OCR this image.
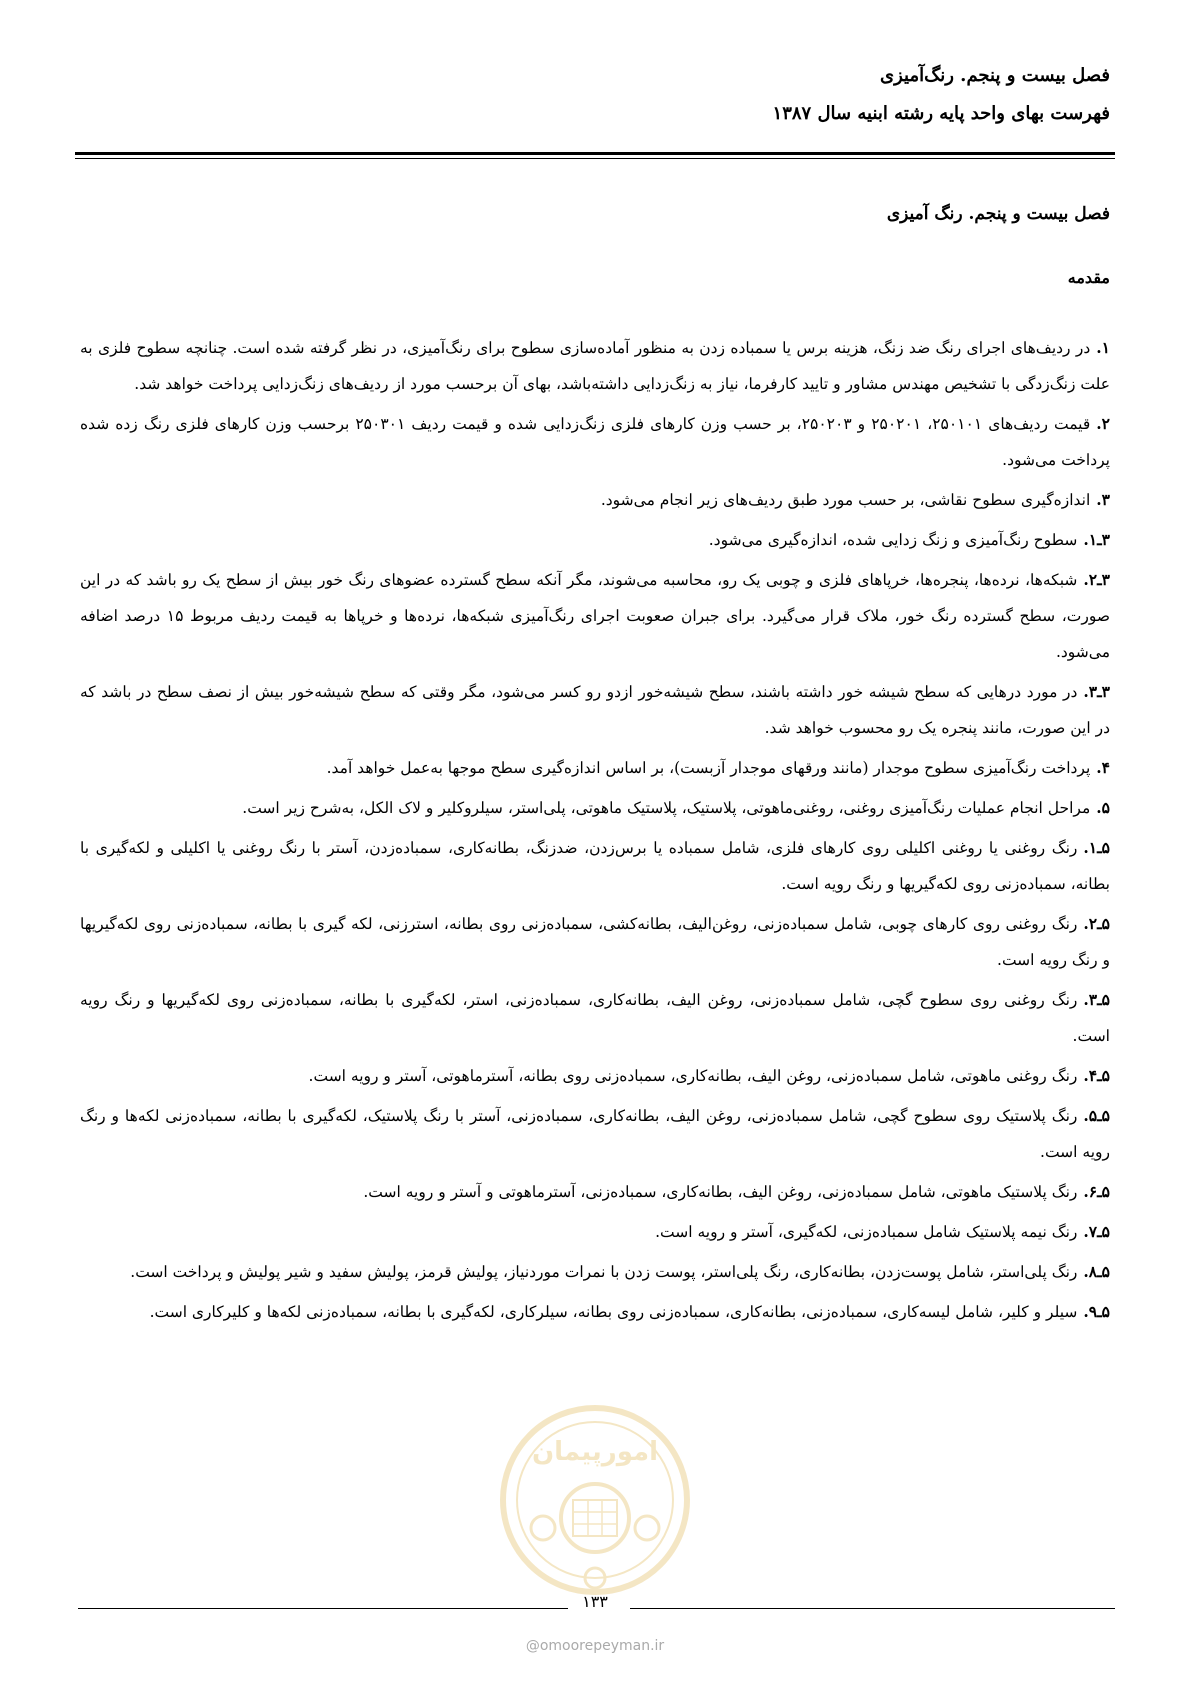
فصل بیست و پنجم. رنگ‌آمیزی
فهرست بهای واحد پایه رشته ابنیه سال ۱۳۸۷
فصل بیست و پنجم. رنگ آمیزی
مقدمه

۱.در ردیف‌های اجرای رنگ ضد زنگ، هزینه برس یا سمباده زدن به منظور آماده‌سازی سطوح برای رنگ‌آمیزی، در نظر گرفته شده است. چنانچه سطوح فلزی به علت زنگ‌زدگی با تشخیص مهندس مشاور و تایید کارفرما، نیاز به زنگ‌زدایی داشته‌باشد، بهای آن برحسب مورد از ردیف‌های زنگ‌زدایی پرداخت خواهد شد.

۲.قیمت ردیف‌های ۲۵۰۱۰۱، ۲۵۰۲۰۱ و ۲۵۰۲۰۳، بر حسب وزن کارهای فلزی زنگ‌زدایی شده و قیمت ردیف ۲۵۰۳۰۱ برحسب وزن کارهای فلزی رنگ زده شده پرداخت می‌شود.

۳.اندازه‌گیری سطوح نقاشی، بر حسب مورد طبق ردیف‌های زیر انجام می‌شود.

۳ـ۱.سطوح رنگ‌آمیزی و زنگ زدایی شده، اندازه‌گیری می‌شود.

۳ـ۲.شبکه‌ها، نرده‌ها، پنجره‌ها، خرپاهای فلزی و چوبی یک رو، محاسبه می‌شوند، مگر آنکه سطح گسترده عضوهای رنگ خور بیش از سطح یک رو باشد که در این صورت، سطح گسترده رنگ خور، ملاک قرار می‌گیرد. برای جبران صعوبت اجرای رنگ‌آمیزی شبکه‌ها، نرده‌ها و خرپاها به قیمت ردیف مربوط ۱۵ درصد اضافه می‌شود.

۳ـ۳.در مورد درهایی که سطح شیشه خور داشته باشند، سطح شیشه‌خور ازدو رو کسر می‌شود، مگر وقتی که سطح شیشه‌خور بیش از نصف سطح در باشد که در این صورت، مانند پنجره یک رو محسوب خواهد شد.

۴.پرداخت رنگ‌آمیزی سطوح موجدار (مانند ورقهای موجدار آزبست)، بر اساس اندازه‌گیری سطح موجها به‌عمل خواهد آمد.

۵.مراحل انجام عملیات رنگ‌آمیزی روغنی، روغنی‌ماهوتی، پلاستیک، پلاستیک ماهوتی، پلی‌استر، سیلروکلیر و لاک الکل، به‌شرح زیر است.

۵ـ۱.رنگ روغنی یا روغنی اکلیلی روی کارهای فلزی، شامل سمباده یا برس‌زدن، ضدزنگ، بطانه‌کاری، سمباده‌زدن، آستر با رنگ روغنی یا اکلیلی و لکه‌گیری با بطانه، سمباده‌زنی روی لکه‌گیریها و رنگ رویه است.

۵ـ۲.رنگ روغنی روی کارهای چوبی، شامل سمباده‌زنی، روغن‌الیف، بطانه‌کشی، سمباده‌زنی روی بطانه، استرزنی، لکه گیری با بطانه، سمباده‌زنی روی لکه‌گیریها و رنگ رویه است.

۵ـ۳.رنگ روغنی روی سطوح گچی، شامل سمباده‌زنی، روغن الیف، بطانه‌کاری، سمباده‌زنی، استر، لکه‌گیری با بطانه، سمباده‌زنی روی لکه‌گیریها و رنگ رویه است.

۵ـ۴.رنگ روغنی ماهوتی، شامل سمباده‌زنی، روغن الیف، بطانه‌کاری، سمباده‌زنی روی بطانه، آسترماهوتی، آستر و رویه است.

۵ـ۵.رنگ پلاستیک روی سطوح گچی، شامل سمباده‌زنی، روغن الیف، بطانه‌کاری، سمباده‌زنی، آستر با رنگ پلاستیک، لکه‌گیری با بطانه، سمباده‌زنی لکه‌ها و رنگ رویه است.

۵ـ۶.رنگ پلاستیک ماهوتی، شامل سمباده‌زنی، روغن الیف، بطانه‌کاری، سمباده‌زنی، آسترماهوتی و آستر و رویه است.

۵ـ۷.رنگ نیمه پلاستیک شامل سمباده‌زنی، لکه‌گیری، آستر و رویه است.

۵ـ۸.رنگ پلی‌استر، شامل پوست‌زدن، بطانه‌کاری، رنگ پلی‌استر، پوست زدن با نمرات موردنیاز، پولیش قرمز، پولیش سفید و شیر پولیش و پرداخت است.

۵ـ۹.سیلر و کلیر، شامل لیسه‌کاری، سمباده‌زنی، بطانه‌کاری، سمباده‌زنی روی بطانه، سیلرکاری، لکه‌گیری با بطانه، سمباده‌زنی لکه‌ها و کلیرکاری است.

امورپیمان
۱۳۳
@omoorepeyman.ir
